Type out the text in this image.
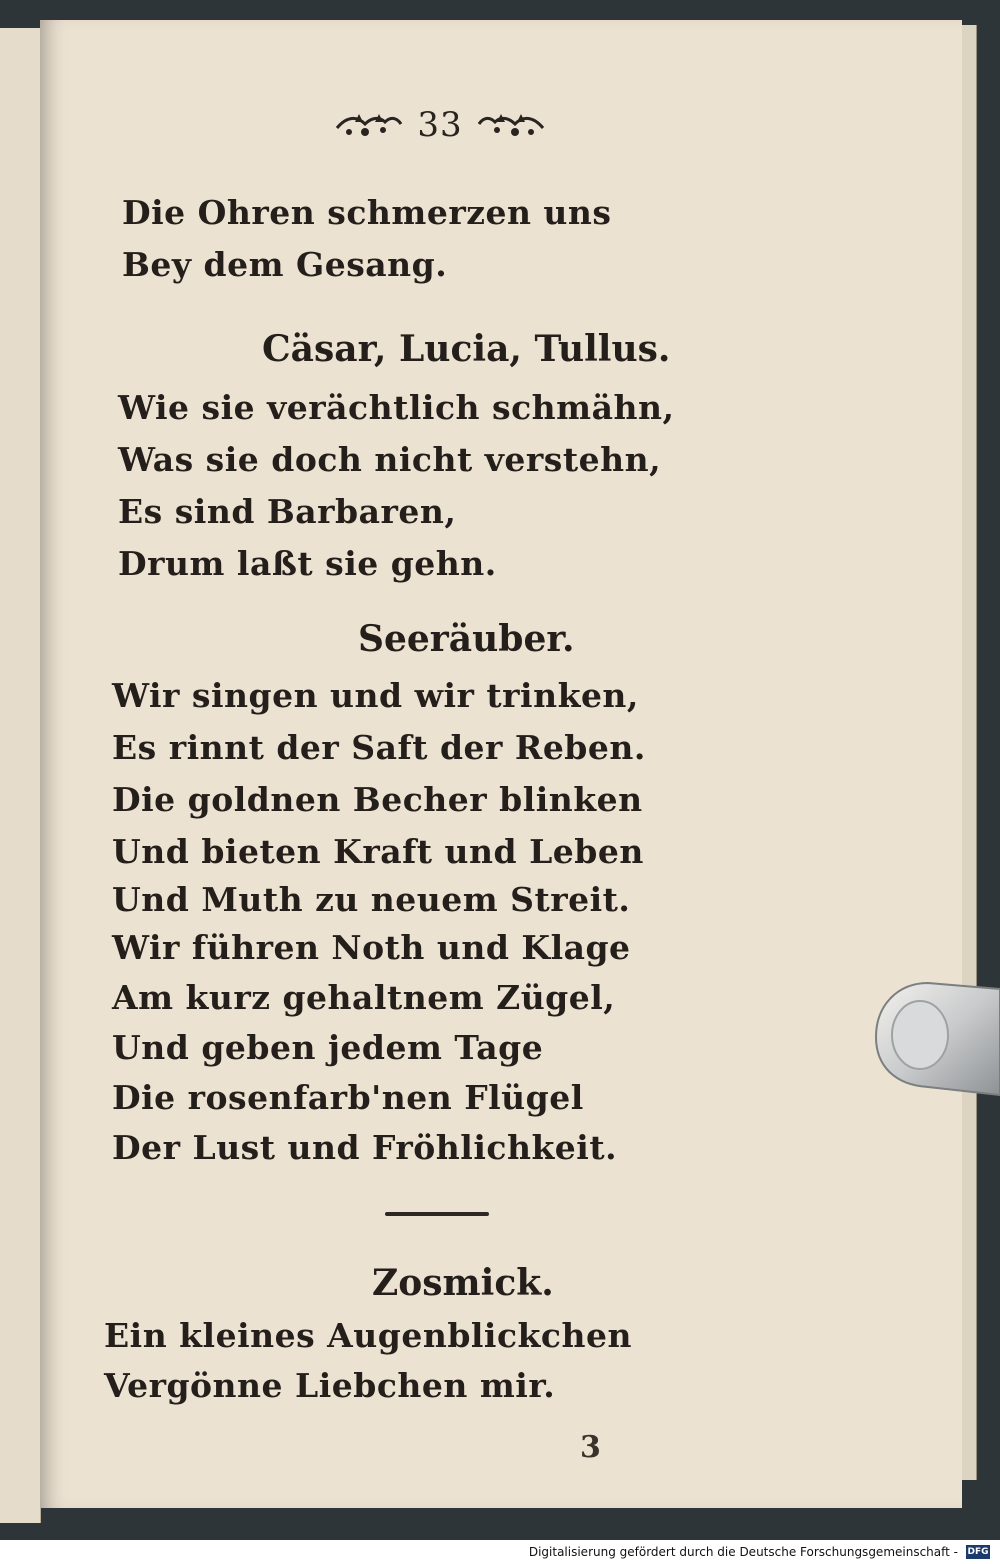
33
Die Ohren schmerzen uns
Bey dem Gesang.
Cäsar, Lucia, Tullus.
Wie sie verächtlich schmähn,
Was sie doch nicht verstehn,
Es sind Barbaren,
Drum laßt sie gehn.
Seeräuber.
Wir singen und wir trinken,
Es rinnt der Saft der Reben.
Die goldnen Becher blinken
Und bieten Kraft und Leben
Und Muth zu neuem Streit.
Wir führen Noth und Klage
Am kurz gehaltnem Zügel,
Und geben jedem Tage
Die rosenfarb'nen Flügel
Der Lust und Fröhlichkeit.
Zosmick.
Ein kleines Augenblickchen
Vergönne Liebchen mir.
3
Digitalisierung gefördert durch die Deutsche Forschungsgemeinschaft - DFG
